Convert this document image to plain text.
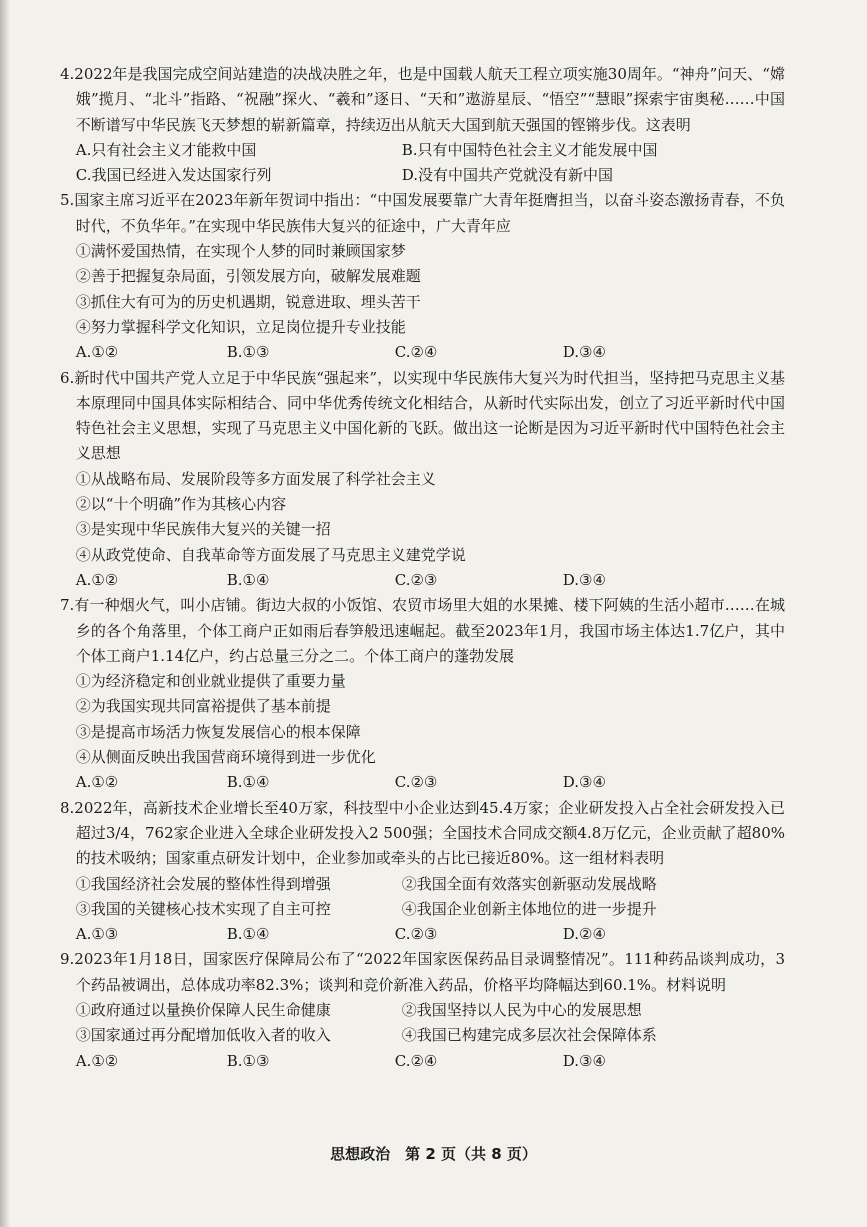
4.2022年是我国完成空间站建造的决战决胜之年，也是中国载人航天工程立项实施30周年。“神舟”问天、“嫦娥”揽月、“北斗”指路、“祝融”探火、“羲和”逐日、“天和”遨游星辰、“悟空”“慧眼”探索宇宙奥秘……中国不断谱写中华民族飞天梦想的崭新篇章，持续迈出从航天大国到航天强国的铿锵步伐。这表明
A.只有社会主义才能救中国	B.只有中国特色社会主义才能发展中国
C.我国已经进入发达国家行列	D.没有中国共产党就没有新中国
5.国家主席习近平在2023年新年贺词中指出：“中国发展要靠广大青年挺膺担当，以奋斗姿态激扬青春，不负时代，不负华年。”在实现中华民族伟大复兴的征途中，广大青年应
①满怀爱国热情，在实现个人梦的同时兼顾国家梦
②善于把握复杂局面，引领发展方向，破解发展难题
③抓住大有可为的历史机遇期，锐意进取、埋头苦干
④努力掌握科学文化知识，立足岗位提升专业技能
A.①②	B.①③	C.②④	D.③④
6.新时代中国共产党人立足于中华民族“强起来”，以实现中华民族伟大复兴为时代担当，坚持把马克思主义基本原理同中国具体实际相结合、同中华优秀传统文化相结合，从新时代实际出发，创立了习近平新时代中国特色社会主义思想，实现了马克思主义中国化新的飞跃。做出这一论断是因为习近平新时代中国特色社会主义思想
①从战略布局、发展阶段等多方面发展了科学社会主义
②以“十个明确”作为其核心内容
③是实现中华民族伟大复兴的关键一招
④从政党使命、自我革命等方面发展了马克思主义建党学说
A.①②	B.①④	C.②③	D.③④
7.有一种烟火气，叫小店铺。街边大叔的小饭馆、农贸市场里大姐的水果摊、楼下阿姨的生活小超市……在城乡的各个角落里，个体工商户正如雨后春笋般迅速崛起。截至2023年1月，我国市场主体达1.7亿户，其中个体工商户1.14亿户，约占总量三分之二。个体工商户的蓬勃发展
①为经济稳定和创业就业提供了重要力量
②为我国实现共同富裕提供了基本前提
③是提高市场活力恢复发展信心的根本保障
④从侧面反映出我国营商环境得到进一步优化
A.①②	B.①④	C.②③	D.③④
8.2022年，高新技术企业增长至40万家，科技型中小企业达到45.4万家；企业研发投入占全社会研发投入已超过3/4，762家企业进入全球企业研发投入2 500强；全国技术合同成交额4.8万亿元，企业贡献了超80%的技术吸纳；国家重点研发计划中，企业参加或牵头的占比已接近80%。这一组材料表明
①我国经济社会发展的整体性得到增强	②我国全面有效落实创新驱动发展战略
③我国的关键核心技术实现了自主可控	④我国企业创新主体地位的进一步提升
A.①③	B.①④	C.②③	D.②④
9.2023年1月18日，国家医疗保障局公布了“2022年国家医保药品目录调整情况”。111种药品谈判成功，3个药品被调出，总体成功率82.3%；谈判和竞价新准入药品，价格平均降幅达到60.1%。材料说明
①政府通过以量换价保障人民生命健康	②我国坚持以人民为中心的发展思想
③国家通过再分配增加低收入者的收入	④我国已构建完成多层次社会保障体系
A.①②	B.①③	C.②④	D.③④
思想政治　第 2 页（共 8 页）
